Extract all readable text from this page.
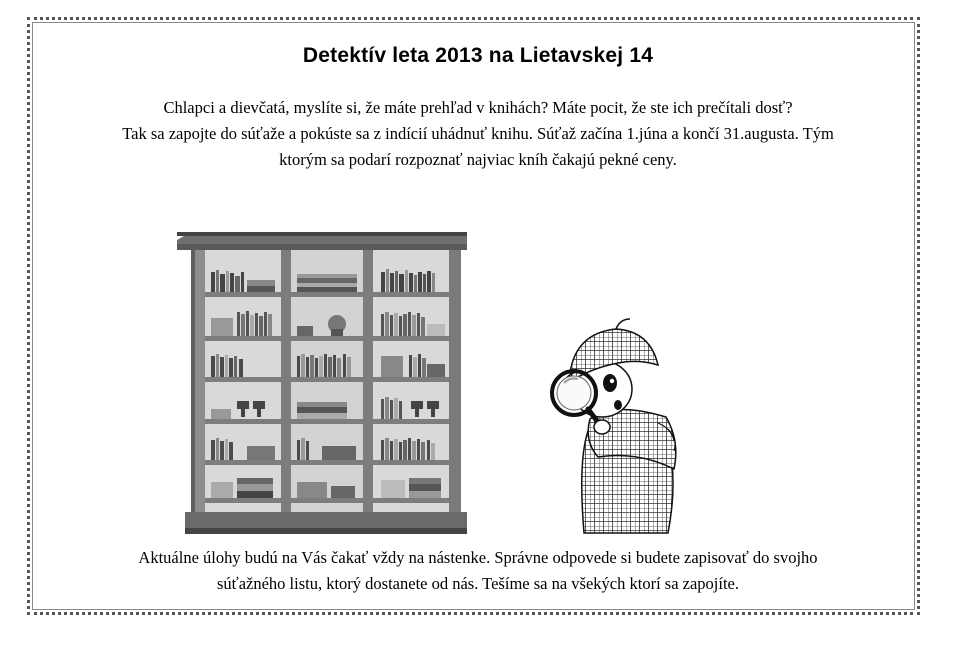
Detektív leta 2013 na Lietavskej 14

Chlapci a dievčatá, myslíte si, že máte prehľad v knihách? Máte pocit, že ste ich prečítali dosť?

Tak sa zapojte do súťaže a pokúste sa z indícií uhádnuť knihu. Súťaž začína 1.júna a končí 31.augusta. Tým

ktorým sa podarí rozpoznať najviac kníh čakajú pekné ceny.

Aktuálne úlohy budú na Vás čakať vždy na nástenke. Správne odpovede si budete zapisovať do svojho

súťažného listu, ktorý dostanete od nás. Tešíme sa na všekých ktorí sa zapojíte.
